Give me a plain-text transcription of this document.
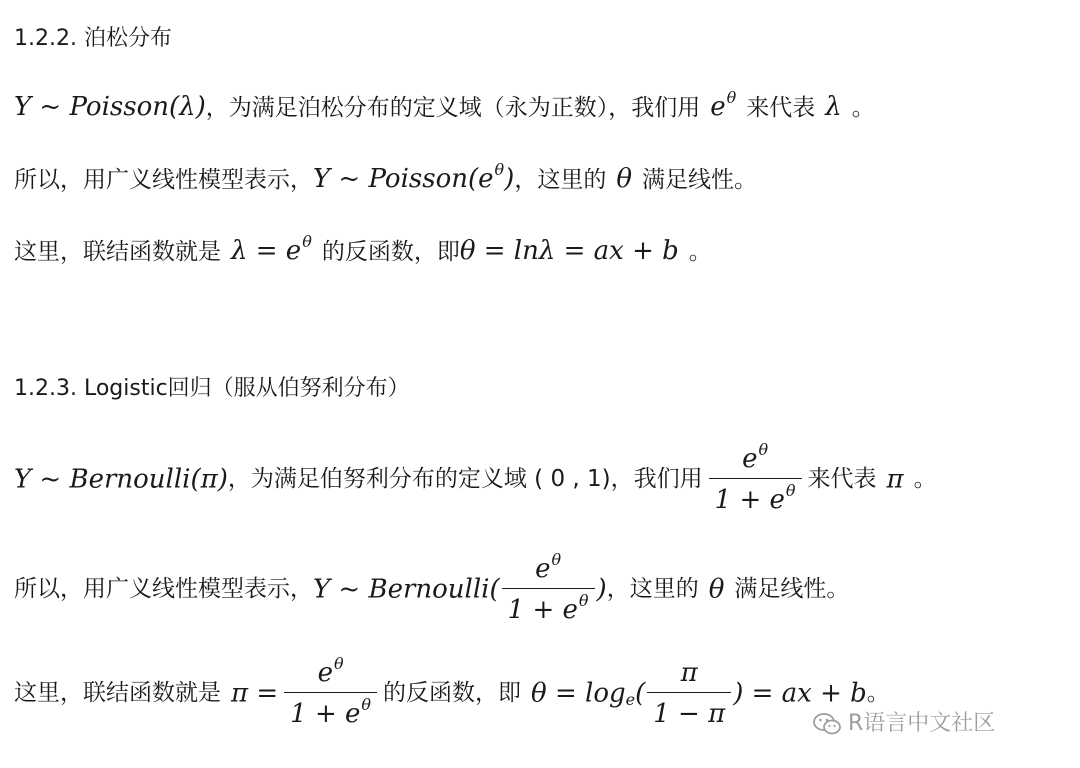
1.2.2. 泊松分布
Y ~ Poisson(λ)，为满足泊松分布的定义域（永为正数），我们用 $e^\theta$ 来代表 λ 。
所以，用广义线性模型表示，Y ~ $Poisson(e^\theta)$，这里的 θ 满足线性。
这里，联结函数就是 $\lambda = e^\theta$ 的反函数，即θ = lnλ = ax + b 。
1.2.3. Logistic回归（服从伯努利分布）
Y ~ Bernoulli(π)，为满足伯努利分布的定义域 ( 0 , 1)，我们用 $\frac{e^\theta}{1 + e^\theta}$ 来代表 π 。
所以，用广义线性模型表示，Y ~ Bernoulli( $\frac{e^\theta}{1 + e^\theta}$ )，这里的 θ 满足线性。
这里，联结函数就是 $\pi = \frac{e^\theta}{1 + e^\theta}$ 的反函数，即 $\theta = \log_e( \frac{\pi}{1 - \pi}$ ) = ax + b。
R语言中文社区
